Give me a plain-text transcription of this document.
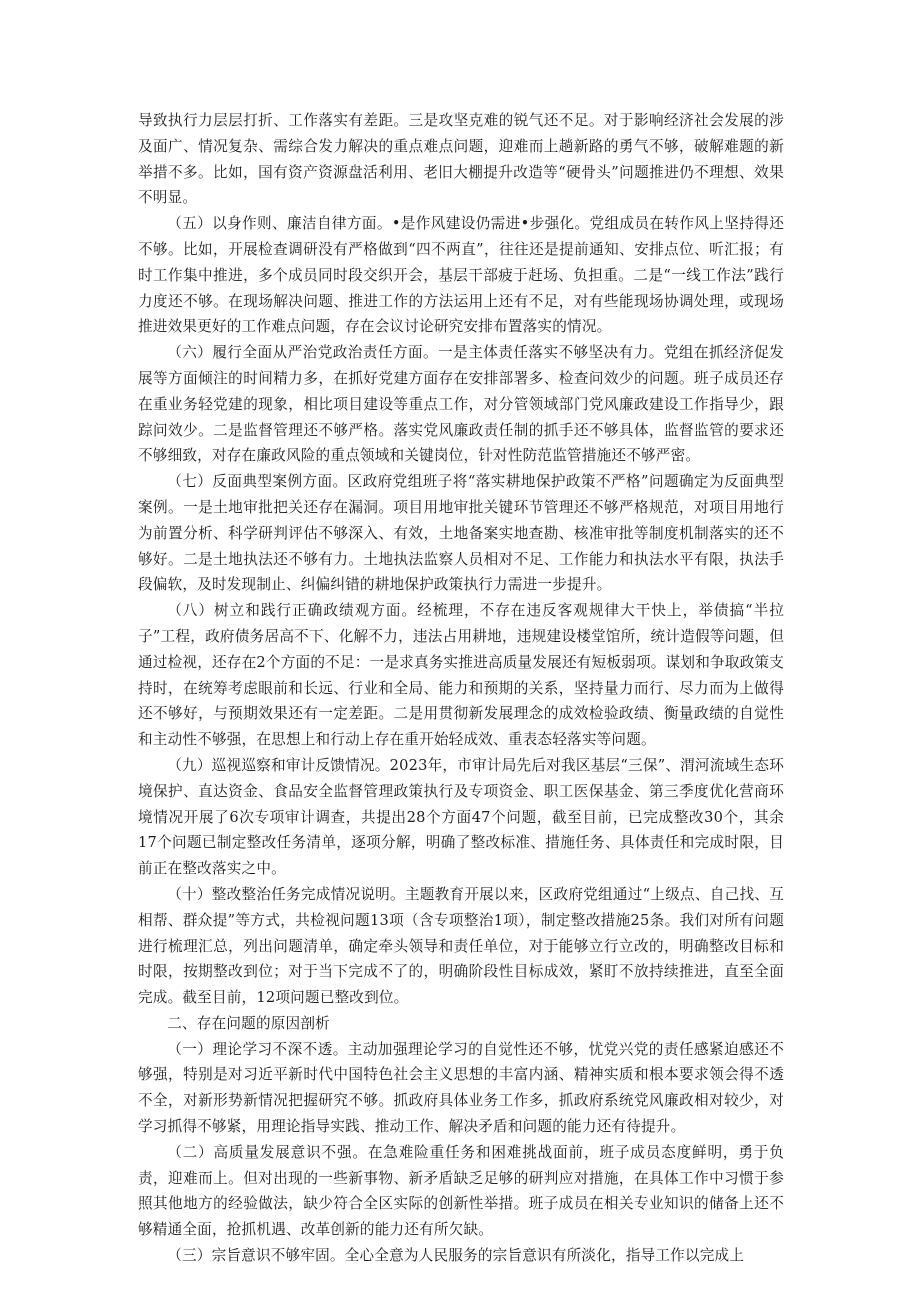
导致执行力层层打折、工作落实有差距。三是攻坚克难的锐气还不足。对于影响经济社会发展的涉及面广、情况复杂、需综合发力解决的重点难点问题，迎难而上趟新路的勇气不够，破解难题的新举措不多。比如，国有资产资源盘活利用、老旧大棚提升改造等“硬骨头”问题推进仍不理想、效果不明显。

（五）以身作则、廉洁自律方面。•是作风建设仍需进•步强化。党组成员在转作风上坚持得还不够。比如，开展检查调研没有严格做到“四不两直”，往往还是提前通知、安排点位、听汇报；有时工作集中推进，多个成员同时段交织开会，基层干部疲于赶场、负担重。二是“一线工作法”践行力度还不够。在现场解决问题、推进工作的方法运用上还有不足，对有些能现场协调处理，或现场推进效果更好的工作难点问题，存在会议讨论研究安排布置落实的情况。

（六）履行全面从严治党政治责任方面。一是主体责任落实不够坚决有力。党组在抓经济促发展等方面倾注的时间精力多，在抓好党建方面存在安排部署多、检查问效少的问题。班子成员还存在重业务轻党建的现象，相比项目建设等重点工作，对分管领域部门党风廉政建设工作指导少，跟踪问效少。二是监督管理还不够严格。落实党风廉政责任制的抓手还不够具体，监督监管的要求还不够细致，对存在廉政风险的重点领域和关键岗位，针对性防范监管措施还不够严密。

（七）反面典型案例方面。区政府党组班子将“落实耕地保护政策不严格”问题确定为反面典型案例。一是土地审批把关还存在漏洞。项目用地审批关键环节管理还不够严格规范，对项目用地行为前置分析、科学研判评估不够深入、有效，土地备案实地查勘、核准审批等制度机制落实的还不够好。二是土地执法还不够有力。土地执法监察人员相对不足、工作能力和执法水平有限，执法手段偏软，及时发现制止、纠偏纠错的耕地保护政策执行力需进一步提升。

（八）树立和践行正确政绩观方面。经梳理，不存在违反客观规律大干快上，举债搞“半拉子”工程，政府债务居高不下、化解不力，违法占用耕地，违规建设楼堂馆所，统计造假等问题，但通过检视，还存在2个方面的不足：一是求真务实推进高质量发展还有短板弱项。谋划和争取政策支持时，在统筹考虑眼前和长远、行业和全局、能力和预期的关系，坚持量力而行、尽力而为上做得还不够好，与预期效果还有一定差距。二是用贯彻新发展理念的成效检验政绩、衡量政绩的自觉性和主动性不够强，在思想上和行动上存在重开始轻成效、重表态轻落实等问题。

（九）巡视巡察和审计反馈情况。2023年，市审计局先后对我区基层“三保”、渭河流域生态环境保护、直达资金、食品安全监督管理政策执行及专项资金、职工医保基金、第三季度优化营商环境情况开展了6次专项审计调查，共提出28个方面47个问题，截至目前，已完成整改30个，其余17个问题已制定整改任务清单，逐项分解，明确了整改标准、措施任务、具体责任和完成时限，目前正在整改落实之中。

（十）整改整治任务完成情况说明。主题教育开展以来，区政府党组通过“上级点、自己找、互相帮、群众提”等方式，共检视问题13项（含专项整治1项），制定整改措施25条。我们对所有问题进行梳理汇总，列出问题清单，确定牵头领导和责任单位，对于能够立行立改的，明确整改目标和时限，按期整改到位；对于当下完成不了的，明确阶段性目标成效，紧盯不放持续推进，直至全面完成。截至目前，12项问题已整改到位。

二、存在问题的原因剖析

（一）理论学习不深不透。主动加强理论学习的自觉性还不够，忧党兴党的责任感紧迫感还不够强，特别是对习近平新时代中国特色社会主义思想的丰富内涵、精神实质和根本要求领会得不透不全，对新形势新情况把握研究不够。抓政府具体业务工作多，抓政府系统党风廉政相对较少，对学习抓得不够紧，用理论指导实践、推动工作、解决矛盾和问题的能力还有待提升。

（二）高质量发展意识不强。在急难险重任务和困难挑战面前，班子成员态度鲜明，勇于负责，迎难而上。但对出现的一些新事物、新矛盾缺乏足够的研判应对措施，在具体工作中习惯于参照其他地方的经验做法，缺少符合全区实际的创新性举措。班子成员在相关专业知识的储备上还不够精通全面，抢抓机遇、改革创新的能力还有所欠缺。

（三）宗旨意识不够牢固。全心全意为人民服务的宗旨意识有所淡化，指导工作以完成上
